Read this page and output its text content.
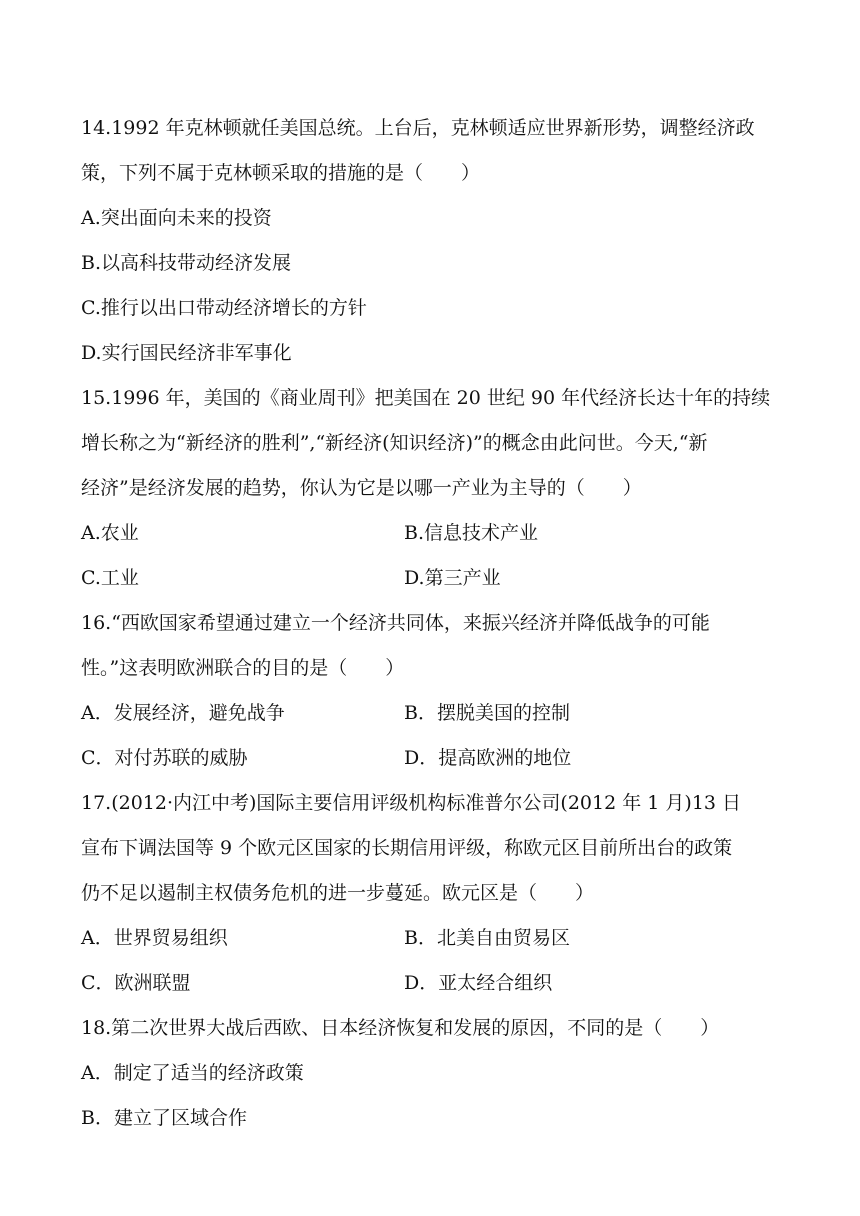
14.1992 年克林顿就任美国总统。上台后，克林顿适应世界新形势，调整经济政
策，下列不属于克林顿采取的措施的是（　　）
A.突出面向未来的投资
B.以高科技带动经济发展
C.推行以出口带动经济增长的方针
D.实行国民经济非军事化
15.1996 年，美国的《商业周刊》把美国在 20 世纪 90 年代经济长达十年的持续
增长称之为“新经济的胜利”,“新经济(知识经济)”的概念由此问世。今天,“新
经济”是经济发展的趋势，你认为它是以哪一产业为主导的（　　）
A.农业	B.信息技术产业
C.工业	D.第三产业
16.“西欧国家希望通过建立一个经济共同体，来振兴经济并降低战争的可能
性。”这表明欧洲联合的目的是（　　）
A．发展经济，避免战争	B．摆脱美国的控制
C．对付苏联的威胁	D．提高欧洲的地位
17.(2012·内江中考)国际主要信用评级机构标准普尔公司(2012 年 1 月)13 日
宣布下调法国等 9 个欧元区国家的长期信用评级，称欧元区目前所出台的政策
仍不足以遏制主权债务危机的进一步蔓延。欧元区是（　　）
A．世界贸易组织	B．北美自由贸易区
C．欧洲联盟	D．亚太经合组织
18.第二次世界大战后西欧、日本经济恢复和发展的原因，不同的是（　　）
A．制定了适当的经济政策
B．建立了区域合作
